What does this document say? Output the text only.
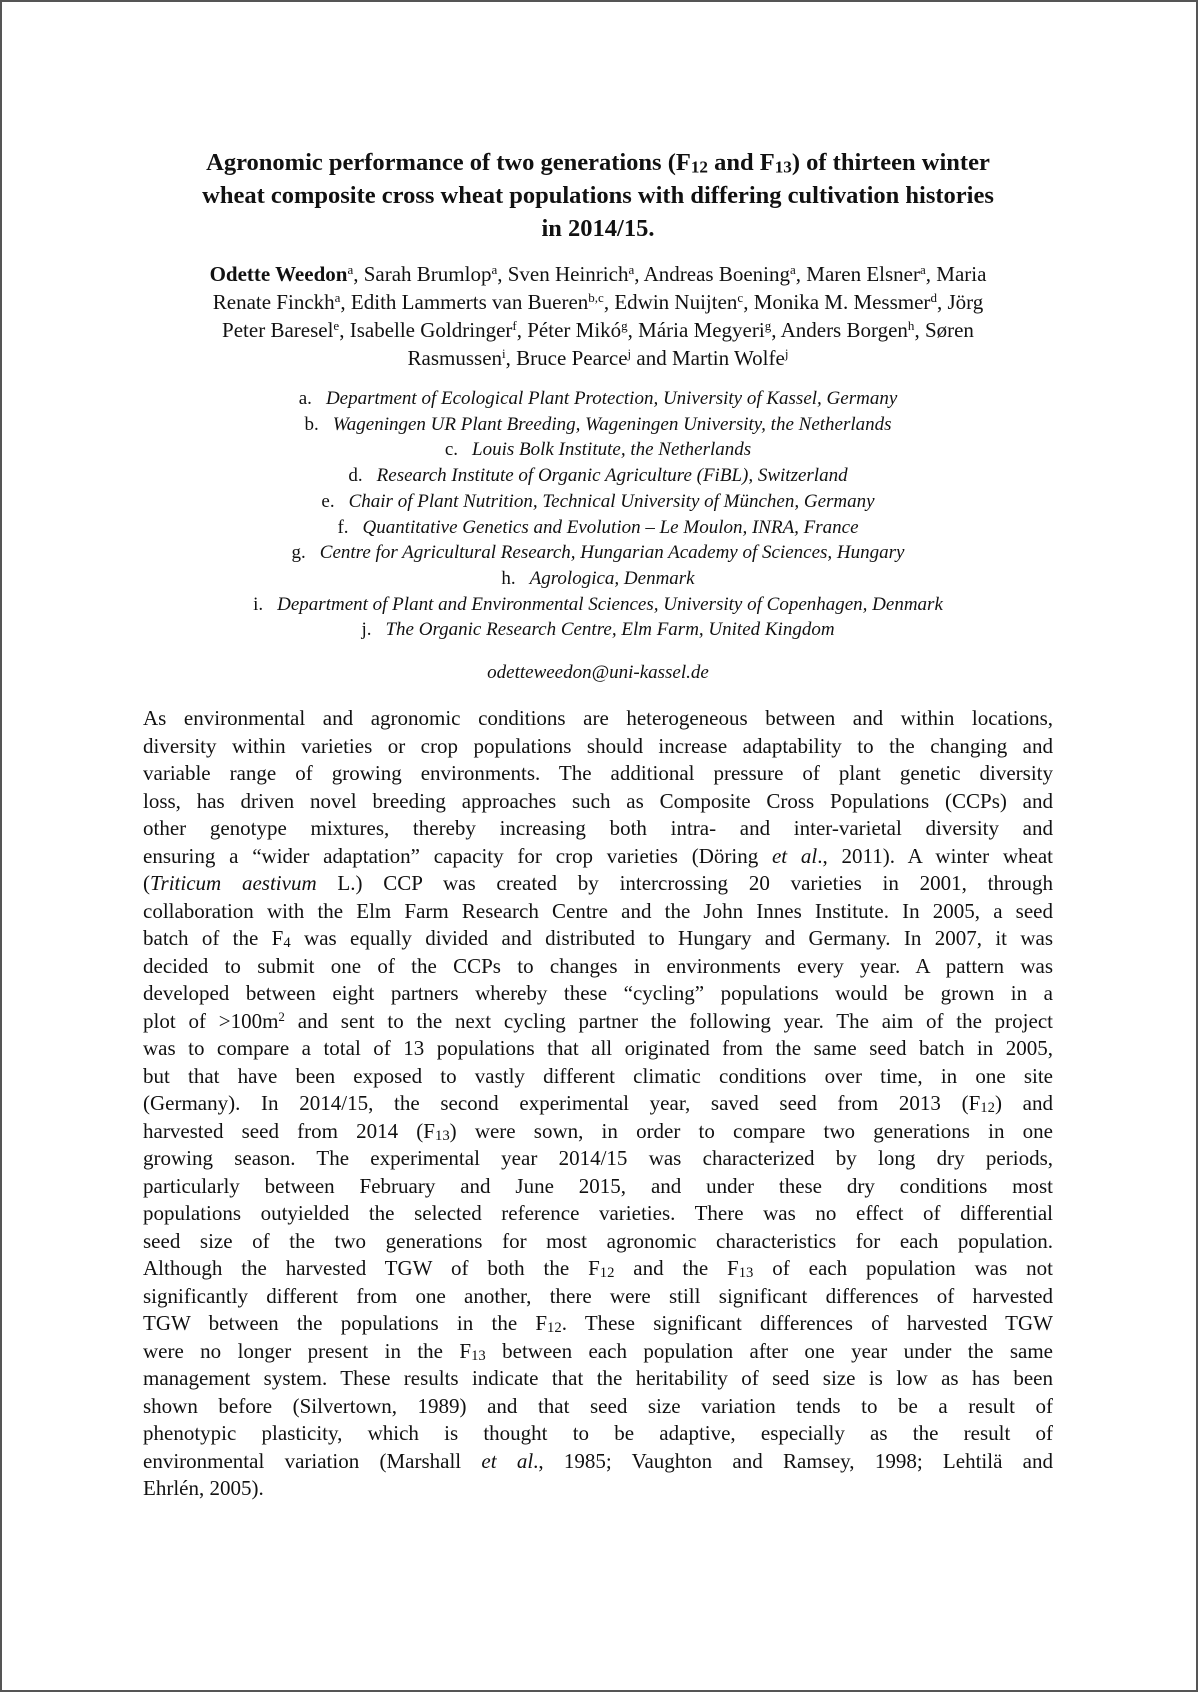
Agronomic performance of two generations ($F_{12}$ and $F_{13}$) of thirteen winter
wheat composite cross wheat populations with differing cultivation histories
in 2014/15.
Odette Weedon$^a$, Sarah Brumlop$^a$, Sven Heinrich$^a$, Andreas Boening$^a$, Maren Elsner$^a$, Maria
Renate Finckh$^a$, Edith Lammerts van Bueren$^{b,c}$, Edwin Nuijten$^c$, Monika M. Messmer$^d$, Jörg
Peter Baresel$^e$, Isabelle Goldringer$^f$, Péter Mikó$^g$, Mária Megyeri$^g$, Anders Borgen$^h$, Søren
Rasmussen$^i$, Bruce Pearce$^j$ and Martin Wolfe$^j$
a. Department of Ecological Plant Protection, University of Kassel, Germany
b. Wageningen UR Plant Breeding, Wageningen University, the Netherlands
c. Louis Bolk Institute, the Netherlands
d. Research Institute of Organic Agriculture (FiBL), Switzerland
e. Chair of Plant Nutrition, Technical University of München, Germany
f. Quantitative Genetics and Evolution – Le Moulon, INRA, France
g. Centre for Agricultural Research, Hungarian Academy of Sciences, Hungary
h. Agrologica, Denmark
i. Department of Plant and Environmental Sciences, University of Copenhagen, Denmark
j. The Organic Research Centre, Elm Farm, United Kingdom
odetteweedon@uni-kassel.de
As environmental and agronomic conditions are heterogeneous between and within locations,
diversity within varieties or crop populations should increase adaptability to the changing and
variable range of growing environments. The additional pressure of plant genetic diversity
loss, has driven novel breeding approaches such as Composite Cross Populations (CCPs) and
other genotype mixtures, thereby increasing both intra- and inter-varietal diversity and
ensuring a “wider adaptation” capacity for crop varieties (Döring et al., 2011). A winter wheat
(Triticum aestivum L.) CCP was created by intercrossing 20 varieties in 2001, through
collaboration with the Elm Farm Research Centre and the John Innes Institute. In 2005, a seed
batch of the $F_4$ was equally divided and distributed to Hungary and Germany. In 2007, it was
decided to submit one of the CCPs to changes in environments every year. A pattern was
developed between eight partners whereby these “cycling” populations would be grown in a
plot of $>100m^2$ and sent to the next cycling partner the following year. The aim of the project
was to compare a total of 13 populations that all originated from the same seed batch in 2005,
but that have been exposed to vastly different climatic conditions over time, in one site
(Germany). In 2014/15, the second experimental year, saved seed from 2013 $(F_{12})$ and
harvested seed from 2014 $(F_{13})$ were sown, in order to compare two generations in one
growing season. The experimental year 2014/15 was characterized by long dry periods,
particularly between February and June 2015, and under these dry conditions most
populations outyielded the selected reference varieties. There was no effect of differential
seed size of the two generations for most agronomic characteristics for each population.
Although the harvested TGW of both the $F_{12}$ and the $F_{13}$ of each population was not
significantly different from one another, there were still significant differences of harvested
TGW between the populations in the $F_{12}$. These significant differences of harvested TGW
were no longer present in the $F_{13}$ between each population after one year under the same
management system. These results indicate that the heritability of seed size is low as has been
shown before (Silvertown, 1989) and that seed size variation tends to be a result of
phenotypic plasticity, which is thought to be adaptive, especially as the result of
environmental variation (Marshall et al., 1985; Vaughton and Ramsey, 1998; Lehtilä and
Ehrlén, 2005).
